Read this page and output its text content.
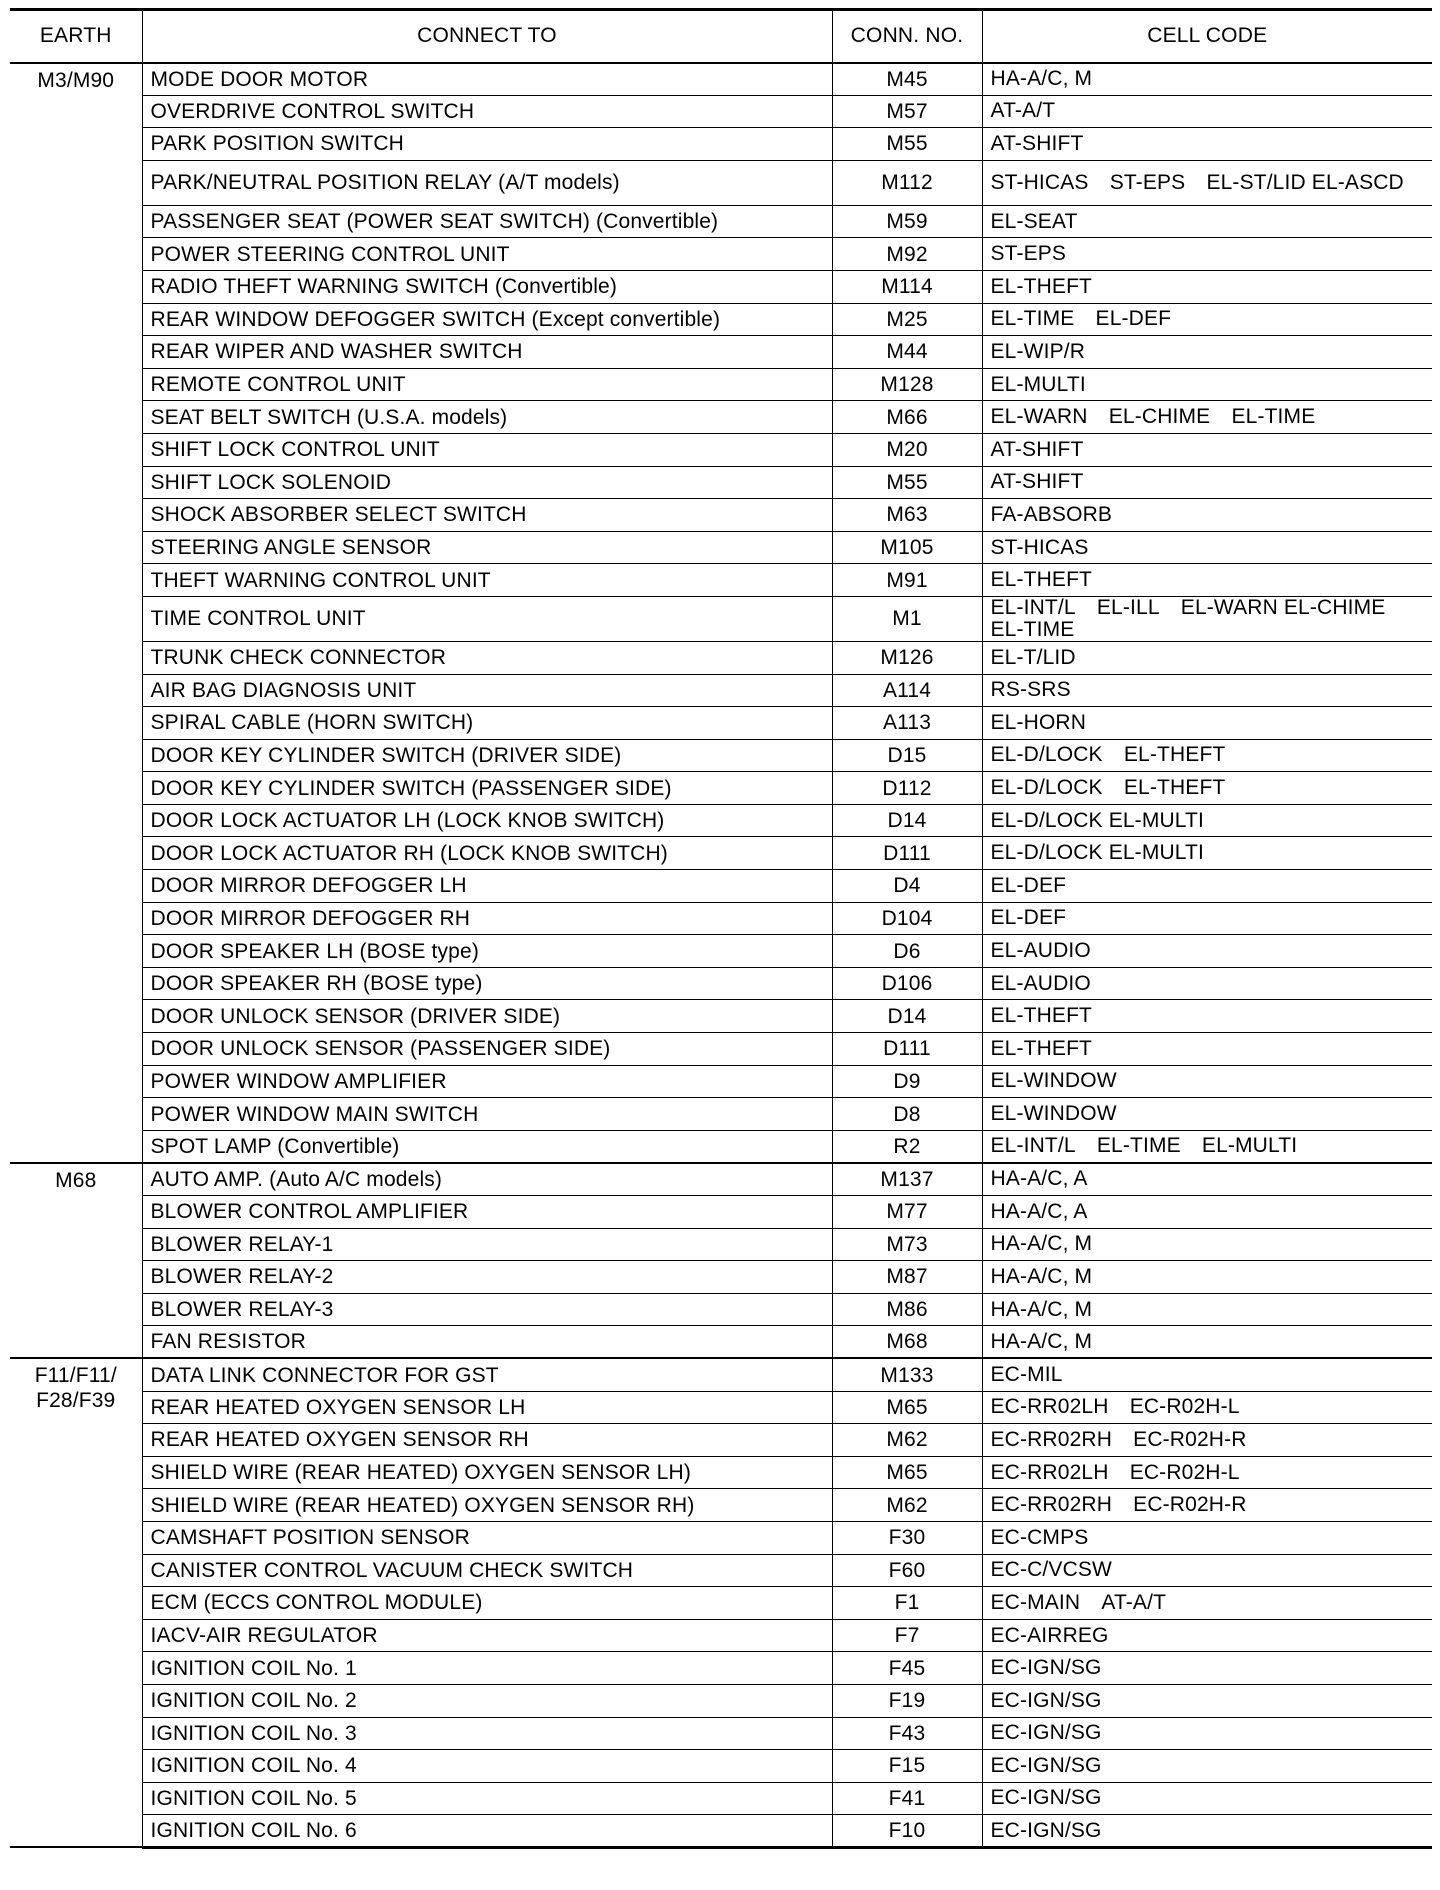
EARTH	CONNECT TO	CONN. NO.	CELL CODE
M3/M90	MODE DOOR MOTOR	M45	HA-A/C, M
	OVERDRIVE CONTROL SWITCH	M57	AT-A/T
	PARK POSITION SWITCH	M55	AT-SHIFT
	PARK/NEUTRAL POSITION RELAY (A/T models)	M112	ST-HICAS ST-EPS EL-ST/LID EL-ASCD
	PASSENGER SEAT (POWER SEAT SWITCH) (Convertible)	M59	EL-SEAT
	POWER STEERING CONTROL UNIT	M92	ST-EPS
	RADIO THEFT WARNING SWITCH (Convertible)	M114	EL-THEFT
	REAR WINDOW DEFOGGER SWITCH (Except convertible)	M25	EL-TIME EL-DEF
	REAR WIPER AND WASHER SWITCH	M44	EL-WIP/R
	REMOTE CONTROL UNIT	M128	EL-MULTI
	SEAT BELT SWITCH (U.S.A. models)	M66	EL-WARN EL-CHIME EL-TIME
	SHIFT LOCK CONTROL UNIT	M20	AT-SHIFT
	SHIFT LOCK SOLENOID	M55	AT-SHIFT
	SHOCK ABSORBER SELECT SWITCH	M63	FA-ABSORB
	STEERING ANGLE SENSOR	M105	ST-HICAS
	THEFT WARNING CONTROL UNIT	M91	EL-THEFT
	TIME CONTROL UNIT	M1	EL-INT/L EL-ILL EL-WARN EL-CHIME EL-TIME
	TRUNK CHECK CONNECTOR	M126	EL-T/LID
	AIR BAG DIAGNOSIS UNIT	A114	RS-SRS
	SPIRAL CABLE (HORN SWITCH)	A113	EL-HORN
	DOOR KEY CYLINDER SWITCH (DRIVER SIDE)	D15	EL-D/LOCK EL-THEFT
	DOOR KEY CYLINDER SWITCH (PASSENGER SIDE)	D112	EL-D/LOCK EL-THEFT
	DOOR LOCK ACTUATOR LH (LOCK KNOB SWITCH)	D14	EL-D/LOCK EL-MULTI
	DOOR LOCK ACTUATOR RH (LOCK KNOB SWITCH)	D111	EL-D/LOCK EL-MULTI
	DOOR MIRROR DEFOGGER LH	D4	EL-DEF
	DOOR MIRROR DEFOGGER RH	D104	EL-DEF
	DOOR SPEAKER LH (BOSE type)	D6	EL-AUDIO
	DOOR SPEAKER RH (BOSE type)	D106	EL-AUDIO
	DOOR UNLOCK SENSOR (DRIVER SIDE)	D14	EL-THEFT
	DOOR UNLOCK SENSOR (PASSENGER SIDE)	D111	EL-THEFT
	POWER WINDOW AMPLIFIER	D9	EL-WINDOW
	POWER WINDOW MAIN SWITCH	D8	EL-WINDOW
	SPOT LAMP (Convertible)	R2	EL-INT/L EL-TIME EL-MULTI
M68	AUTO AMP. (Auto A/C models)	M137	HA-A/C, A
	BLOWER CONTROL AMPLIFIER	M77	HA-A/C, A
	BLOWER RELAY-1	M73	HA-A/C, M
	BLOWER RELAY-2	M87	HA-A/C, M
	BLOWER RELAY-3	M86	HA-A/C, M
	FAN RESISTOR	M68	HA-A/C, M
F11/F11/ F28/F39	DATA LINK CONNECTOR FOR GST	M133	EC-MIL
	REAR HEATED OXYGEN SENSOR LH	M65	EC-RR02LH EC-R02H-L
	REAR HEATED OXYGEN SENSOR RH	M62	EC-RR02RH EC-R02H-R
	SHIELD WIRE (REAR HEATED) OXYGEN SENSOR LH)	M65	EC-RR02LH EC-R02H-L
	SHIELD WIRE (REAR HEATED) OXYGEN SENSOR RH)	M62	EC-RR02RH EC-R02H-R
	CAMSHAFT POSITION SENSOR	F30	EC-CMPS
	CANISTER CONTROL VACUUM CHECK SWITCH	F60	EC-C/VCSW
	ECM (ECCS CONTROL MODULE)	F1	EC-MAIN AT-A/T
	IACV-AIR REGULATOR	F7	EC-AIRREG
	IGNITION COIL No. 1	F45	EC-IGN/SG
	IGNITION COIL No. 2	F19	EC-IGN/SG
	IGNITION COIL No. 3	F43	EC-IGN/SG
	IGNITION COIL No. 4	F15	EC-IGN/SG
	IGNITION COIL No. 5	F41	EC-IGN/SG
	IGNITION COIL No. 6	F10	EC-IGN/SG
